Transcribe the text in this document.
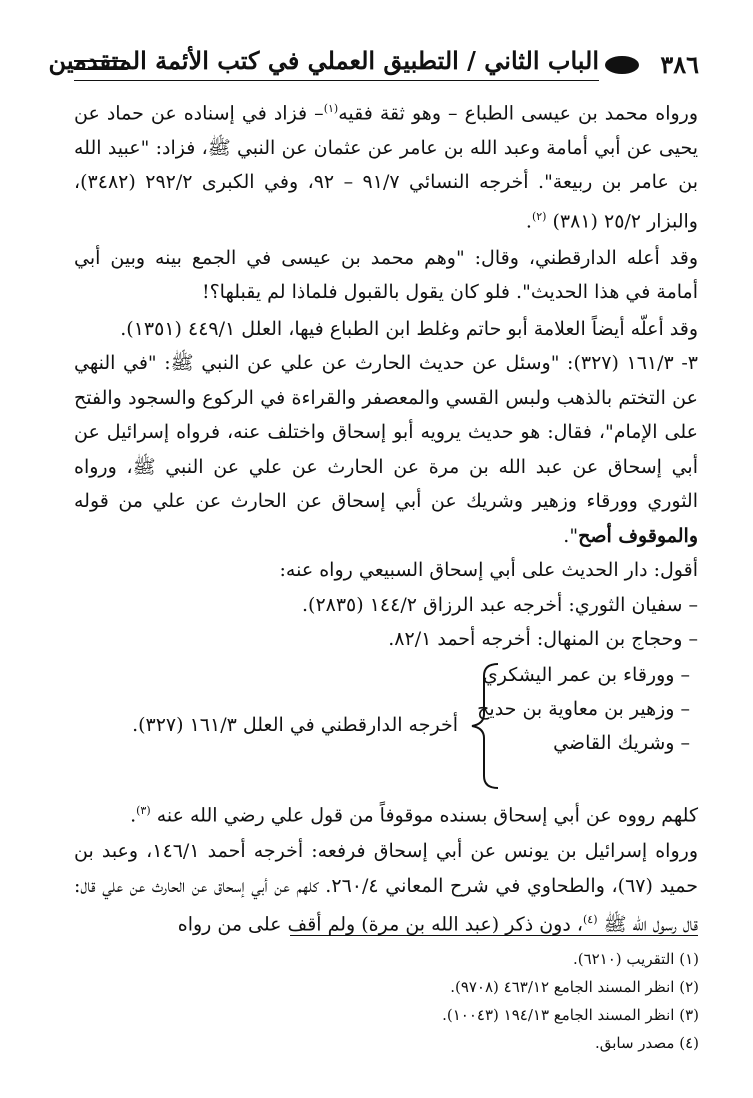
٣٨٦
الباب الثاني / التطبيق العملي في كتب الأئمة المتقدمين

ورواه محمد بن عيسى الطباع – وهو ثقة فقيه$^{(١)}$– فزاد في إسناده عن حماد عن يحيى عن أبي أمامة وعبد الله بن عامر عن عثمان عن النبي ﷺ، فزاد: "عبيد الله بن عامر بن ربيعة". أخرجه النسائي ٩١/٧ – ٩٢، وفي الكبرى ٢٩٢/٢ (٣٤٨٢)، والبزار ٢٥/٢ (٣٨١) $^{(٢)}$.

وقد أعله الدارقطني، وقال: "وهم محمد بن عيسى في الجمع بينه وبين أبي أمامة في هذا الحديث". فلو كان يقول بالقبول فلماذا لم يقبلها؟!

وقد أعلّه أيضاً العلامة أبو حاتم وغلط ابن الطباع فيها، العلل ٤٤٩/١ (١٣٥١).

٣- ١٦١/٣ (٣٢٧): "وسئل عن حديث الحارث عن علي عن النبي ﷺ: "في النهي عن التختم بالذهب ولبس القسي والمعصفر والقراءة في الركوع والسجود والفتح على الإمام"، فقال: هو حديث يرويه أبو إسحاق واختلف عنه، فرواه إسرائيل عن أبي إسحاق عن عبد الله بن مرة عن الحارث عن علي عن النبي ﷺ، ورواه الثوري وورقاء وزهير وشريك عن أبي إسحاق عن الحارث عن علي من قوله والموقوف أصح".

أقول: دار الحديث على أبي إسحاق السبيعي رواه عنه:

– سفيان الثوري: أخرجه عبد الرزاق ١٤٤/٢ (٢٨٣٥).
– وحجاج بن المنهال: أخرجه أحمد ٨٢/١.
– وورقاء بن عمر اليشكري
– وزهير بن معاوية بن حديج
– وشريك القاضي
أخرجه الدارقطني في العلل ١٦١/٣ (٣٢٧).

كلهم رووه عن أبي إسحاق بسنده موقوفاً من قول علي رضي الله عنه $^{(٣)}$.

ورواه إسرائيل بن يونس عن أبي إسحاق فرفعه: أخرجه أحمد ١٤٦/١، وعبد بن حميد (٦٧)، والطحاوي في شرح المعاني ٢٦٠/٤. كلهم عن أبي إسحاق عن الحارث عن علي قال: قال رسول الله ﷺ $^{(٤)}$، دون ذكر (عبد الله بن مرة) ولم أقف على من رواه

(١) التقريب (٦٢١٠).

(٢) انظر المسند الجامع ٤٦٣/١٢ (٩٧٠٨).

(٣) انظر المسند الجامع ١٩٤/١٣ (١٠٠٤٣).

(٤) مصدر سابق.
